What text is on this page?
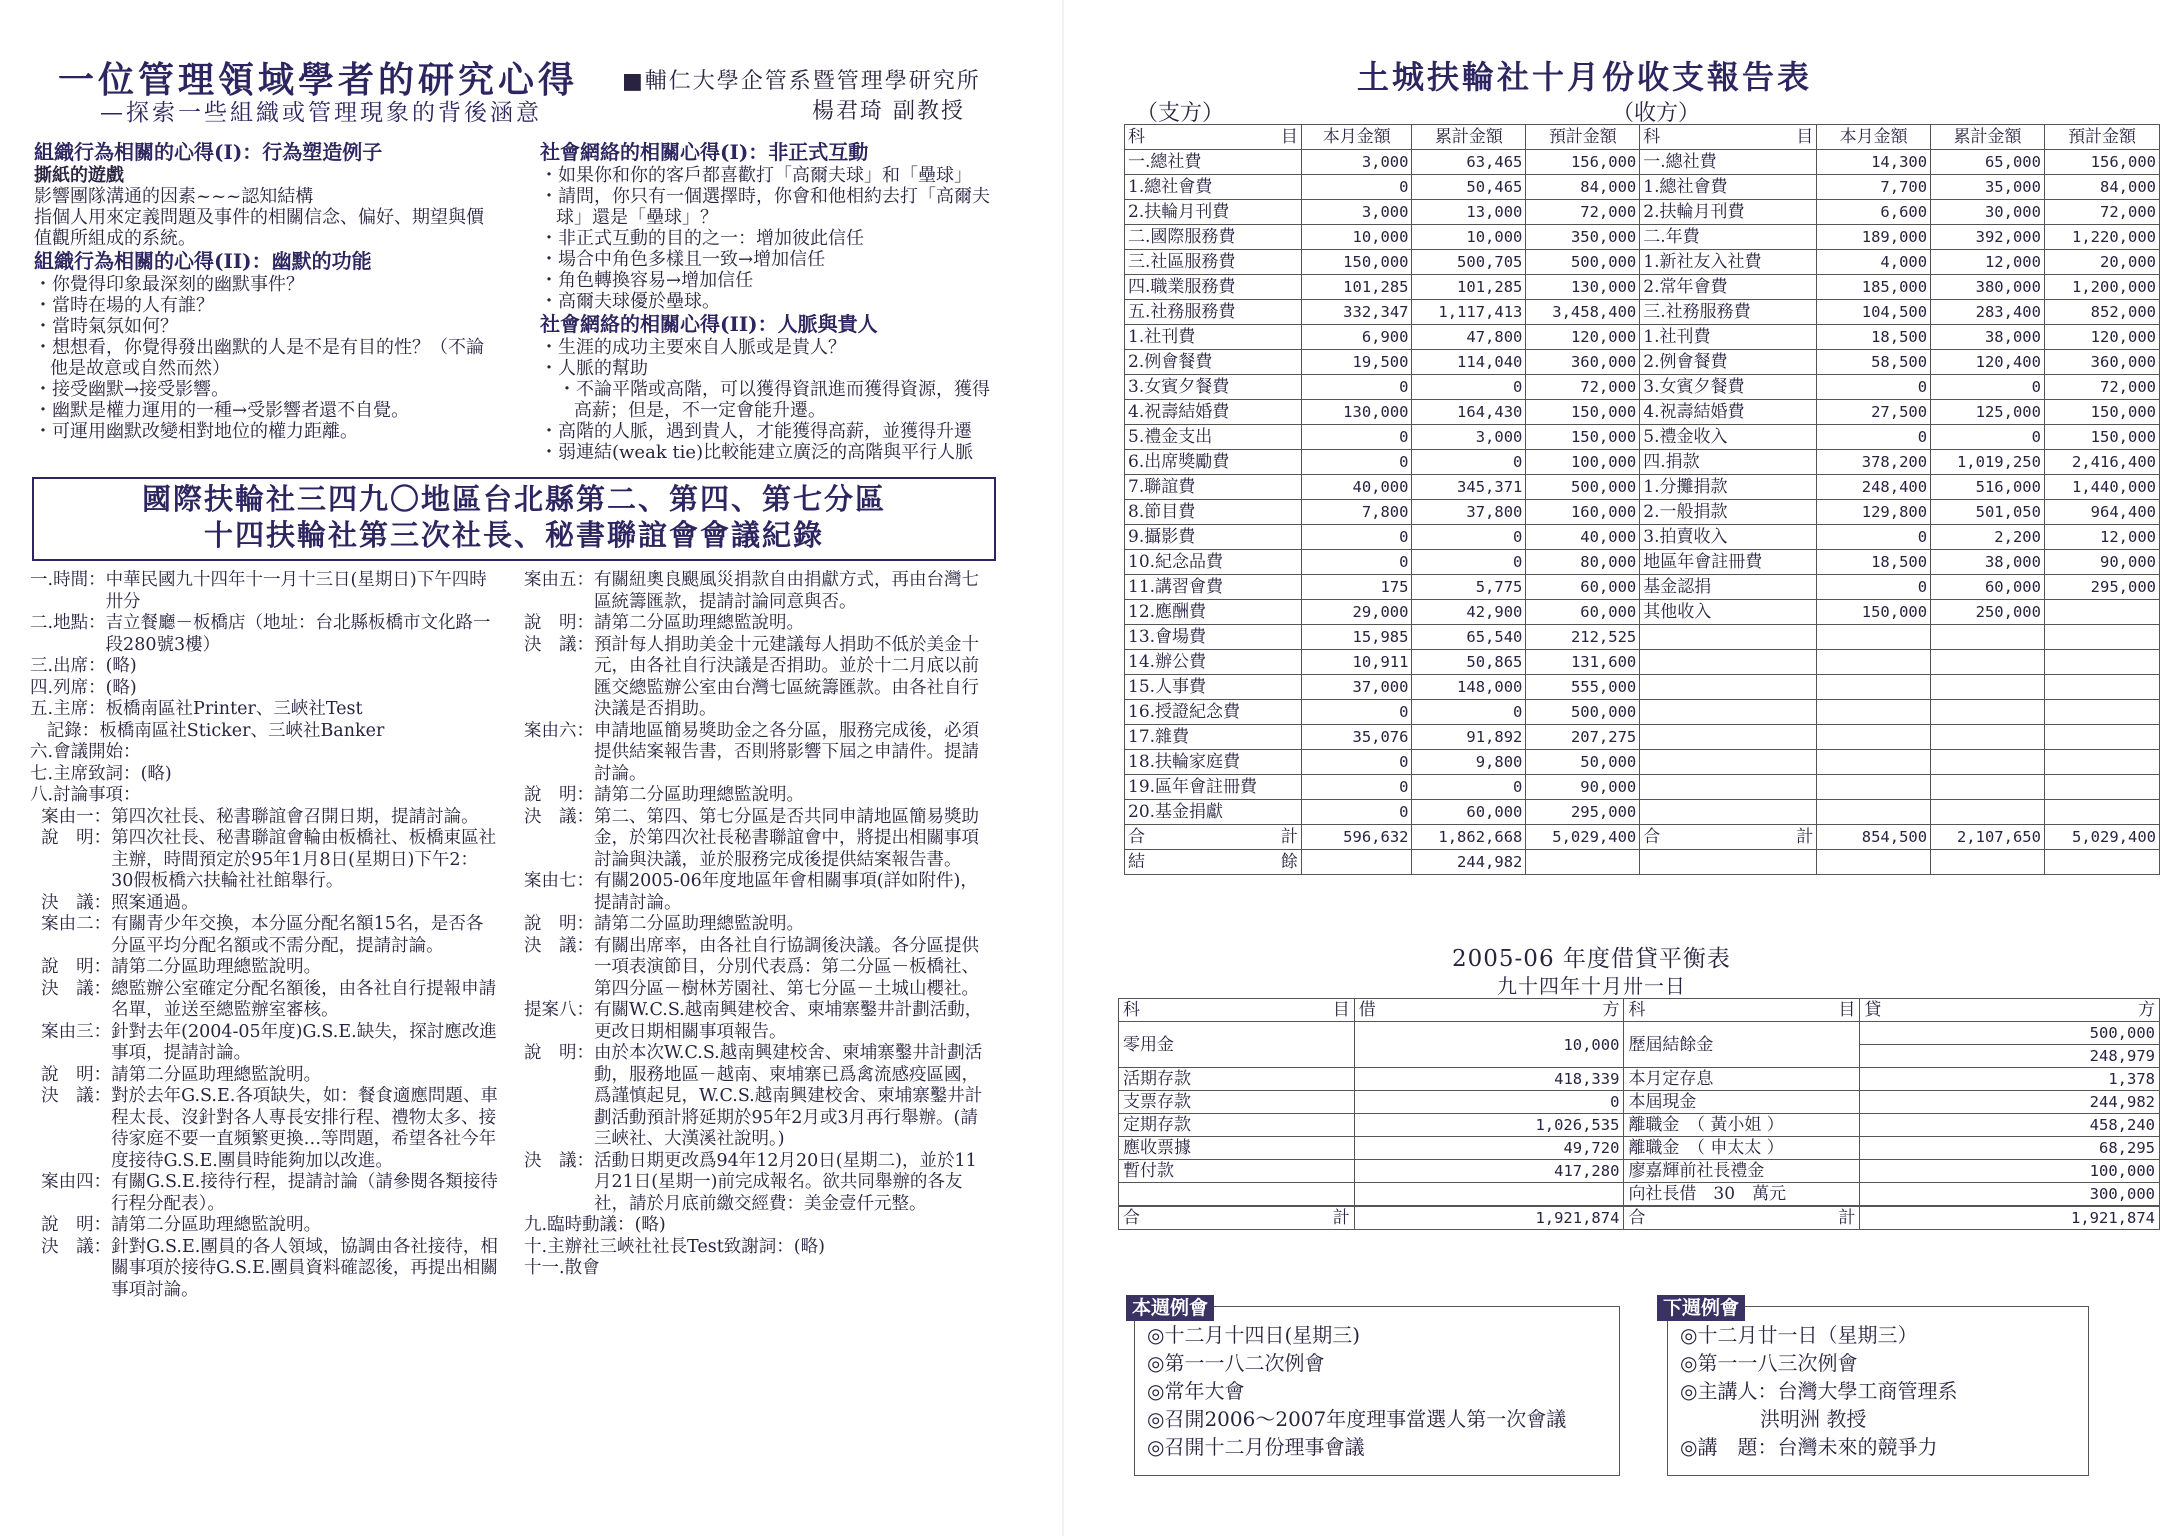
一位管理領域學者的研究心得
—探索一些組織或管理現象的背後涵意
■輔仁大學企管系暨管理學研究所
楊君琦 副教授
組織行為相關的心得(I)：行為塑造例子
撕紙的遊戲
影響團隊溝通的因素~~~認知結構
指個人用來定義問題及事件的相關信念、偏好、期望與價值觀所組成的系統。
組織行為相關的心得(II)：幽默的功能
・你覺得印象最深刻的幽默事件？
・當時在場的人有誰？
・當時氣氛如何？
・想想看，你覺得發出幽默的人是不是有目的性？（不論他是故意或自然而然）
・接受幽默→接受影響。
・幽默是權力運用的一種→受影響者還不自覺。
・可運用幽默改變相對地位的權力距離。
社會網絡的相關心得(I)：非正式互動
・如果你和你的客戶都喜歡打「高爾夫球」和「壘球」
・請問，你只有一個選擇時，你會和他相約去打「高爾夫球」還是「壘球」？
・非正式互動的目的之一：增加彼此信任
・場合中角色多樣且一致→增加信任
・角色轉換容易→增加信任
・高爾夫球優於壘球。
社會網絡的相關心得(II)：人脈與貴人
・生涯的成功主要來自人脈或是貴人？
・人脈的幫助
・不論平階或高階，可以獲得資訊進而獲得資源，獲得高薪；但是，不一定會能升遷。
・高階的人脈，遇到貴人，才能獲得高薪，並獲得升遷
・弱連結(weak tie)比較能建立廣泛的高階與平行人脈
國際扶輪社三四九〇地區台北縣第二、第四、第七分區
十四扶輪社第三次社長、秘書聯誼會會議紀錄
一.時間： 中華民國九十四年十一月十三日(星期日)下午四時卅分
二.地點： 吉立餐廳－板橋店（地址：台北縣板橋市文化路一段280號3樓）
三.出席： (略)
四.列席： (略)
五.主席： 板橋南區社Printer、三峽社Test
記錄： 板橋南區社Sticker、三峽社Banker
六.會議開始：
七.主席致詞： (略)
八.討論事項：
案由一： 第四次社長、秘書聯誼會召開日期，提請討論。
說　明： 第四次社長、秘書聯誼會輪由板橋社、板橋東區社主辦，時間預定於95年1月8日(星期日)下午2：30假板橋六扶輪社社館舉行。
決　議： 照案通過。
案由二： 有關青少年交換，本分區分配名額15名，是否各分區平均分配名額或不需分配，提請討論。
說　明： 請第二分區助理總監說明。
決　議： 總監辦公室確定分配名額後，由各社自行提報申請名單，並送至總監辦室審核。
案由三： 針對去年(2004-05年度)G.S.E.缺失，探討應改進事項，提請討論。
說　明： 請第二分區助理總監說明。
決　議： 對於去年G.S.E.各項缺失，如：餐食適應問題、車程太長、沒針對各人專長安排行程、禮物太多、接待家庭不要一直頻繁更換…等問題，希望各社今年度接待G.S.E.團員時能夠加以改進。
案由四： 有關G.S.E.接待行程，提請討論（請參閱各類接待行程分配表）。
說　明： 請第二分區助理總監說明。
決　議： 針對G.S.E.團員的各人領域，協調由各社接待，相關事項於接待G.S.E.團員資料確認後，再提出相關事項討論。
案由五： 有關紐奧良颶風災捐款自由捐獻方式，再由台灣七區統籌匯款，提請討論同意與否。
說　明： 請第二分區助理總監說明。
決　議： 預計每人捐助美金十元建議每人捐助不低於美金十元，由各社自行決議是否捐助。並於十二月底以前匯交總監辦公室由台灣七區統籌匯款。由各社自行決議是否捐助。
案由六： 申請地區簡易獎助金之各分區，服務完成後，必須提供結案報告書，否則將影響下屆之申請件。提請討論。
說　明： 請第二分區助理總監說明。
決　議： 第二、第四、第七分區是否共同申請地區簡易獎助金，於第四次社長秘書聯誼會中，將提出相關事項討論與決議，並於服務完成後提供結案報告書。
案由七： 有關2005-06年度地區年會相關事項(詳如附件)，提請討論。
說　明： 請第二分區助理總監說明。
決　議： 有關出席率，由各社自行協調後決議。各分區提供一項表演節目，分別代表爲：第二分區－板橋社、第四分區－樹林芳園社、第七分區－土城山櫻社。
提案八： 有關W.C.S.越南興建校舍、柬埔寨鑿井計劃活動，更改日期相關事項報告。
說　明： 由於本次W.C.S.越南興建校舍、柬埔寨鑿井計劃活動，服務地區－越南、柬埔寨已爲禽流感疫區國，爲謹慎起見，W.C.S.越南興建校舍、柬埔寨鑿井計劃活動預計將延期於95年2月或3月再行舉辦。(請三峽社、大漢溪社說明。)
決　議： 活動日期更改爲94年12月20日(星期二)，並於11月21日(星期一)前完成報名。欲共同舉辦的各友社，請於月底前繳交經費：美金壹仟元整。
九.臨時動議： (略)
十.主辦社三峽社社長Test致謝詞： (略)
十一.散會
土城扶輪社十月份收支報告表
（支方）	（收方）
科 目	本月金額	累計金額	預計金額	科 目	本月金額	累計金額	預計金額
一.總社費	3,000	63,465	156,000	一.總社費	14,300	65,000	156,000
1.總社會費	0	50,465	84,000	1.總社會費	7,700	35,000	84,000
2.扶輪月刊費	3,000	13,000	72,000	2.扶輪月刊費	6,600	30,000	72,000
二.國際服務費	10,000	10,000	350,000	二.年費	189,000	392,000	1,220,000
三.社區服務費	150,000	500,705	500,000	1.新社友入社費	4,000	12,000	20,000
四.職業服務費	101,285	101,285	130,000	2.常年會費	185,000	380,000	1,200,000
五.社務服務費	332,347	1,117,413	3,458,400	三.社務服務費	104,500	283,400	852,000
1.社刊費	6,900	47,800	120,000	1.社刊費	18,500	38,000	120,000
2.例會餐費	19,500	114,040	360,000	2.例會餐費	58,500	120,400	360,000
3.女賓夕餐費	0	0	72,000	3.女賓夕餐費	0	0	72,000
4.祝壽結婚費	130,000	164,430	150,000	4.祝壽結婚費	27,500	125,000	150,000
5.禮金支出	0	3,000	150,000	5.禮金收入	0	0	150,000
6.出席獎勵費	0	0	100,000	四.捐款	378,200	1,019,250	2,416,400
7.聯誼費	40,000	345,371	500,000	1.分攤捐款	248,400	516,000	1,440,000
8.節目費	7,800	37,800	160,000	2.一般捐款	129,800	501,050	964,400
9.攝影費	0	0	40,000	3.拍賣收入	0	2,200	12,000
10.紀念品費	0	0	80,000	地區年會註冊費	18,500	38,000	90,000
11.講習會費	175	5,775	60,000	基金認捐	0	60,000	295,000
12.應酬費	29,000	42,900	60,000	其他收入	150,000	250,000	
13.會場費	15,985	65,540	212,525				
14.辦公費	10,911	50,865	131,600				
15.人事費	37,000	148,000	555,000				
16.授證紀念費	0	0	500,000				
17.雜費	35,076	91,892	207,275				
18.扶輪家庭費	0	9,800	50,000				
19.區年會註冊費	0	0	90,000				
20.基金捐獻	0	60,000	295,000				

合 計	596,632	1,862,668	5,029,400	合 計	854,500	2,107,650	5,029,400

結 餘		244,982					
2005-06 年度借貸平衡表
九十四年十月卅一日
科 目	借 方	科 目	貸 方

零用金	10,000	歷屆結餘金	500,000
248,979

活期存款	418,339	本月定存息	1,378
支票存款	0	本屆現金	244,982
定期存款	1,026,535	離職金　（ 黃小姐 ）	458,240
應收票據	49,720	離職金　（ 申太太 ）	68,295
暫付款	417,280	廖嘉輝前社長禮金	100,000
		向社長借　30　萬元	300,000

合 計	1,921,874	合 計	1,921,874
◎十二月十四日(星期三)
◎第一一八二次例會
◎常年大會
◎召開2006～2007年度理事當選人第一次會議
◎召開十二月份理事會議
本週例會
◎十二月廿一日（星期三）
◎第一一八三次例會
◎主講人：台灣大學工商管理系
　　　　洪明洲 教授
◎講　題：台灣未來的競爭力
下週例會
